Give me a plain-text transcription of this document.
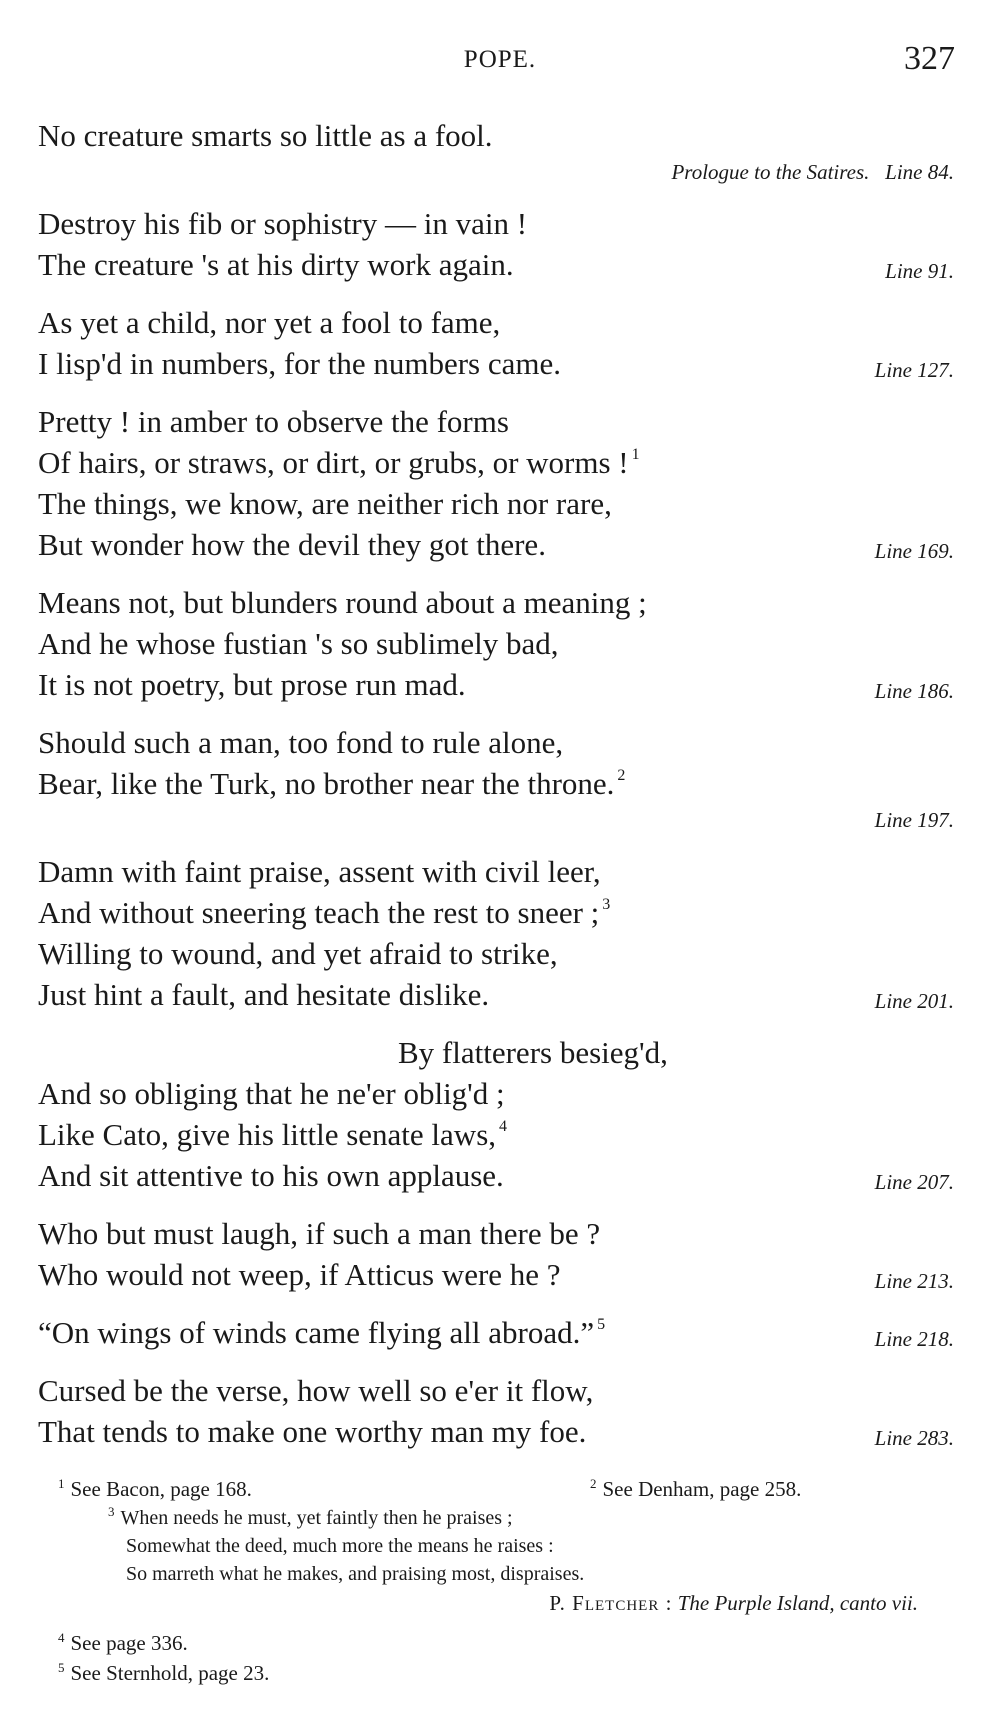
POPE.	327
No creature smarts so little as a fool.
Prologue to the Satires.   Line 84.
Destroy his fib or sophistry — in vain !
The creature 's at his dirty work again.	Line 91.
As yet a child, nor yet a fool to fame,
I lisp'd in numbers, for the numbers came.	Line 127.
Pretty ! in amber to observe the forms
Of hairs, or straws, or dirt, or grubs, or worms ! $^1$
The things, we know, are neither rich nor rare,
But wonder how the devil they got there.	Line 169.
Means not, but blunders round about a meaning ;
And he whose fustian 's so sublimely bad,
It is not poetry, but prose run mad.	Line 186.
Should such a man, too fond to rule alone,
Bear, like the Turk, no brother near the throne. $^2$
Line 197.
Damn with faint praise, assent with civil leer,
And without sneering teach the rest to sneer ; $^3$
Willing to wound, and yet afraid to strike,
Just hint a fault, and hesitate dislike.	Line 201.
By flatterers besieg'd,
And so obliging that he ne'er oblig'd ;
Like Cato, give his little senate laws, $^4$
And sit attentive to his own applause.	Line 207.
Who but must laugh, if such a man there be ?
Who would not weep, if Atticus were he ?	Line 213.
“On wings of winds came flying all abroad.” $^5$
Line 218.
Cursed be the verse, how well so e'er it flow,
That tends to make one worthy man my foe.	Line 283.
$^1$ See Bacon, page 168.	$^2$ See Denham, page 258.
$^3$ When needs he must, yet faintly then he praises ;
Somewhat the deed, much more the means he raises :
So marreth what he makes, and praising most, dispraises.
P. Fletcher : The Purple Island, canto vii.
$^4$ See page 336.
$^5$ See Sternhold, page 23.
